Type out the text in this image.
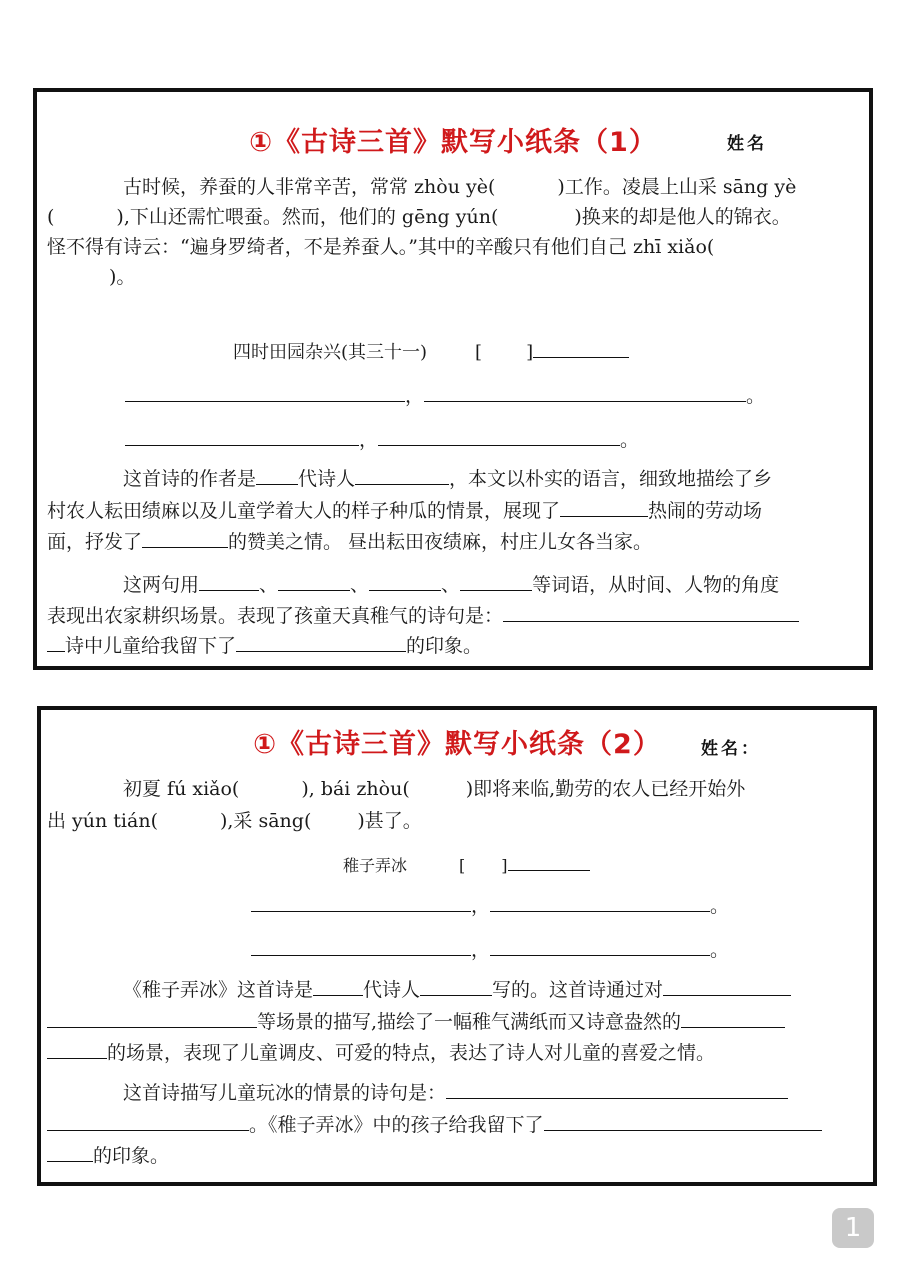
①《古诗三首》默写小纸条（1）	姓名
古时候，养蚕的人非常辛苦，常常 zhòu yè(	)工作。凌晨上山采 sāng yè
(	),下山还需忙喂蚕。然而，他们的 gēng yún(	)换来的却是他人的锦衣。
怪不得有诗云：“遍身罗绮者，不是养蚕人。”其中的辛酸只有他们自己 zhī xiǎo(
)。
四时田园杂兴(其三十一)	[ ]
，	。
，	。
这首诗的作者是 代诗人	，本文以朴实的语言，细致地描绘了乡
村农人耘田绩麻以及儿童学着大人的样子种瓜的情景，展现了	热闹的劳动场
面，抒发了	的赞美之情。 昼出耘田夜绩麻，村庄儿女各当家。
这两句用	、	、	、	等词语，从时间、人物的角度
表现出农家耕织场景。表现了孩童天真稚气的诗句是：
诗中儿童给我留下了	的印象。
①《古诗三首》默写小纸条（2）	姓名：
初夏 fú xiǎo(	), bái zhòu(	)即将来临,勤劳的农人已经开始外
出 yún tián(	),采 sāng( )甚了。
稚子弄冰	[ ]
，	。
，	。
《稚子弄冰》这首诗是	代诗人	写的。这首诗通过对
等场景的描写,描绘了一幅稚气满纸而又诗意盎然的
的场景，表现了儿童调皮、可爱的特点，表达了诗人对儿童的喜爱之情。
这首诗描写儿童玩冰的情景的诗句是：
。《稚子弄冰》中的孩子给我留下了
的印象。
1
